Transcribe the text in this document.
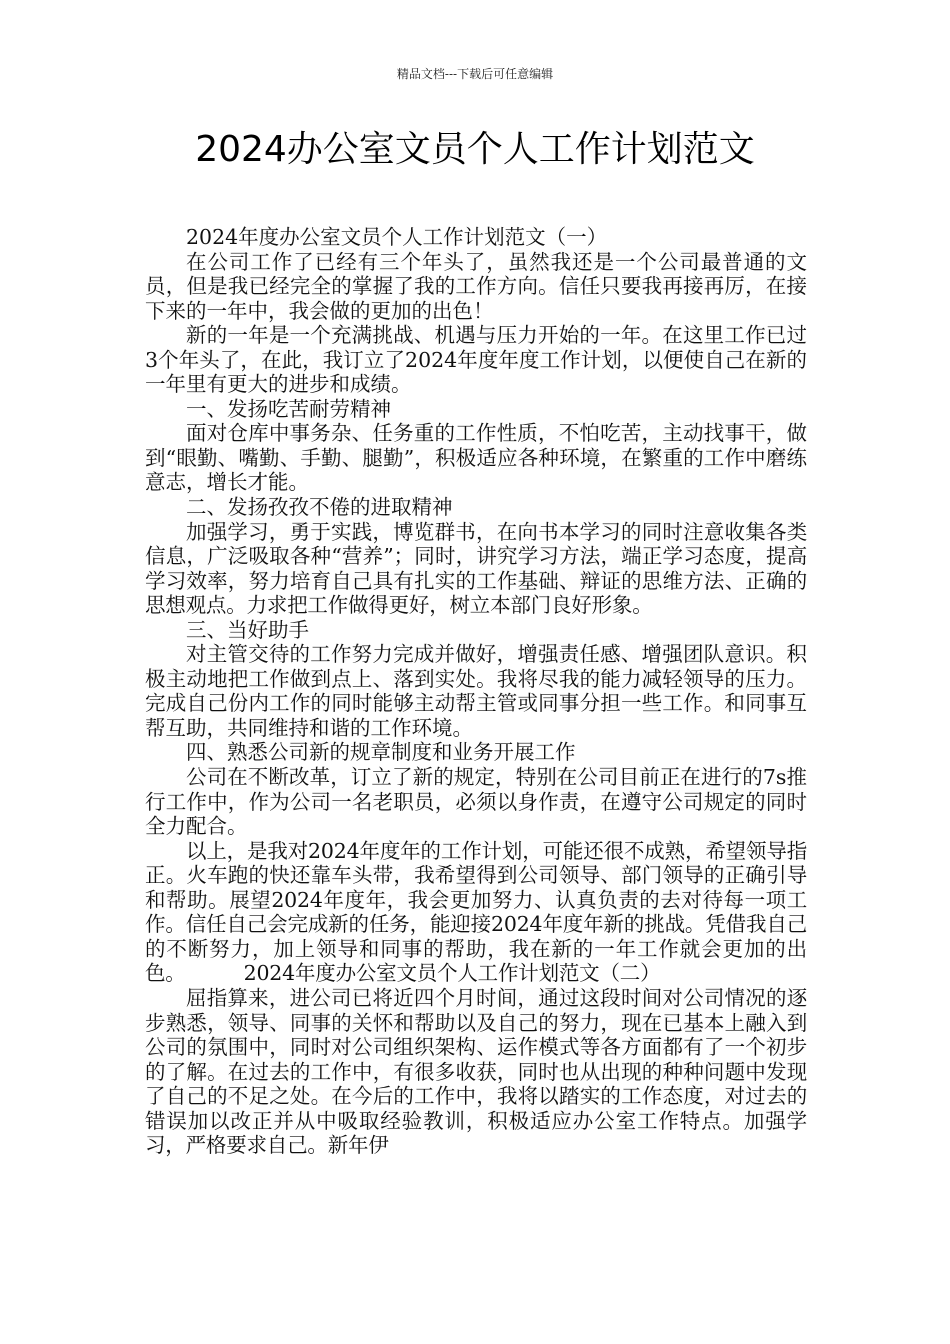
精品文档---下载后可任意编辑
2024办公室文员个人工作计划范文

2024年度办公室文员个人工作计划范文（一）

在公司工作了已经有三个年头了，虽然我还是一个公司最普通的文员，但是我已经完全的掌握了我的工作方向。信任只要我再接再厉，在接下来的一年中，我会做的更加的出色！

新的一年是一个充满挑战、机遇与压力开始的一年。在这里工作已过3个年头了，在此，我订立了2024年度年度工作计划，以便使自己在新的一年里有更大的进步和成绩。

一、发扬吃苦耐劳精神

面对仓库中事务杂、任务重的工作性质，不怕吃苦，主动找事干，做到“眼勤、嘴勤、手勤、腿勤”，积极适应各种环境，在繁重的工作中磨练意志，增长才能。

二、发扬孜孜不倦的进取精神

加强学习，勇于实践，博览群书，在向书本学习的同时注意收集各类信息，广泛吸取各种“营养”；同时，讲究学习方法，端正学习态度，提高学习效率，努力培育自己具有扎实的工作基础、辩证的思维方法、正确的思想观点。力求把工作做得更好，树立本部门良好形象。

三、当好助手

对主管交待的工作努力完成并做好，增强责任感、增强团队意识。积极主动地把工作做到点上、落到实处。我将尽我的能力减轻领导的压力。完成自己份内工作的同时能够主动帮主管或同事分担一些工作。和同事互帮互助，共同维持和谐的工作环境。

四、熟悉公司新的规章制度和业务开展工作

公司在不断改革，订立了新的规定，特别在公司目前正在进行的7s推行工作中，作为公司一名老职员，必须以身作责，在遵守公司规定的同时全力配合。

以上，是我对2024年度年的工作计划，可能还很不成熟，希望领导指正。火车跑的快还靠车头带，我希望得到公司领导、部门领导的正确引导和帮助。展望2024年度年，我会更加努力、认真负责的去对待每一项工作。信任自己会完成新的任务，能迎接2024年度年新的挑战。凭借我自己的不断努力，加上领导和同事的帮助，我在新的一年工作就会更加的出色。	2024年度办公室文员个人工作计划范文（二）

屈指算来，进公司已将近四个月时间，通过这段时间对公司情况的逐步熟悉，领导、同事的关怀和帮助以及自己的努力，现在已基本上融入到公司的氛围中，同时对公司组织架构、运作模式等各方面都有了一个初步的了解。在过去的工作中，有很多收获，同时也从出现的种种问题中发现了自己的不足之处。在今后的工作中，我将以踏实的工作态度，对过去的错误加以改正并从中吸取经验教训，积极适应办公室工作特点。加强学习，严格要求自己。新年伊
